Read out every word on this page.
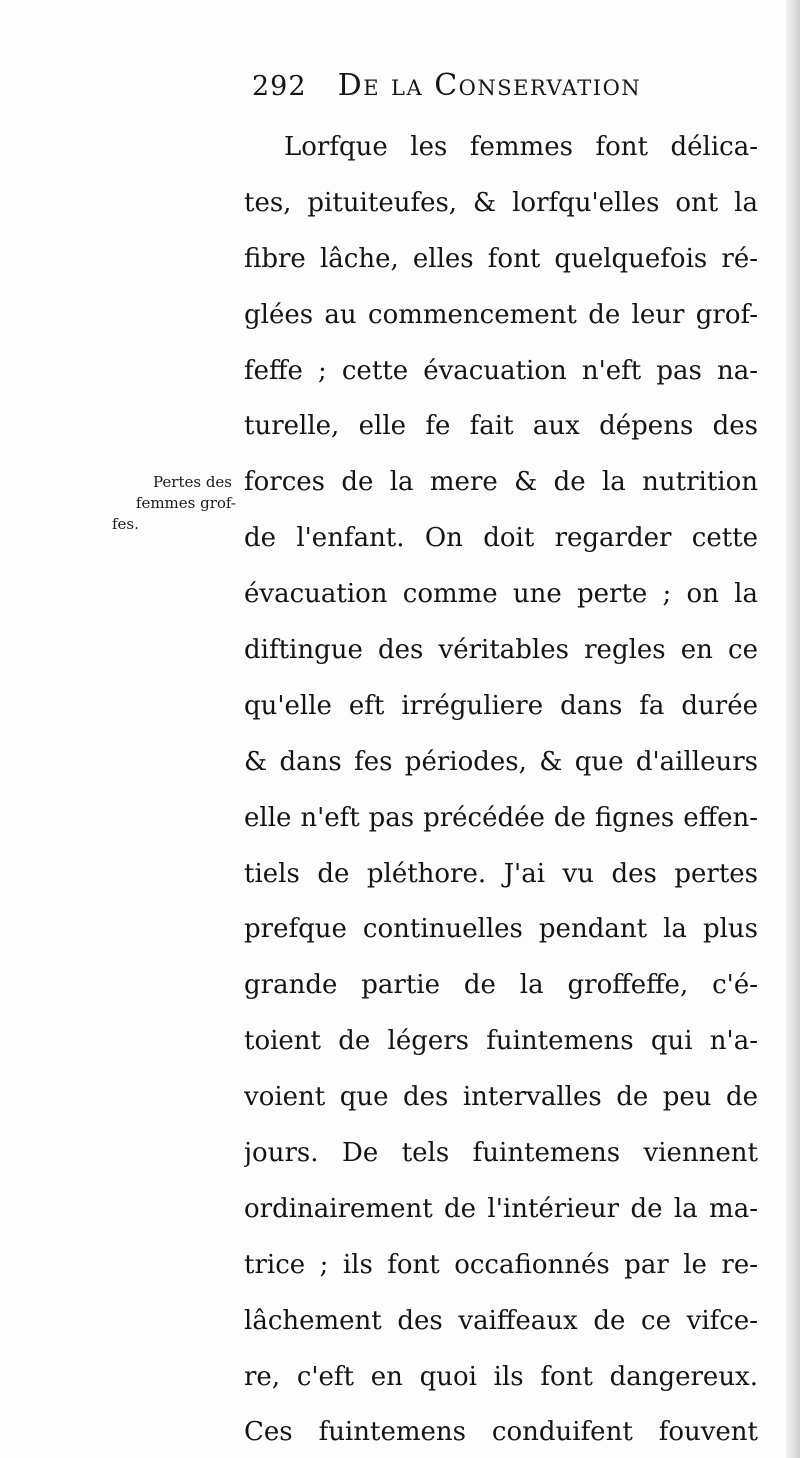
292 De la Conservation
Pertes des
femmes grof-
fes.
Lorfque les femmes font délica-
tes, pituiteufes, & lorfqu'elles ont la
fibre lâche, elles font quelquefois ré-
glées au commencement de leur grof-
feffe ; cette évacuation n'eft pas na-
turelle, elle fe fait aux dépens des
forces de la mere & de la nutrition
de l'enfant. On doit regarder cette
évacuation comme une perte ; on la
diftingue des véritables regles en ce
qu'elle eft irréguliere dans fa durée
& dans fes périodes, & que d'ailleurs
elle n'eft pas précédée de fignes effen-
tiels de pléthore. J'ai vu des pertes
prefque continuelles pendant la plus
grande partie de la groffeffe, c'é-
toient de légers fuintemens qui n'a-
voient que des intervalles de peu de
jours. De tels fuintemens viennent
ordinairement de l'intérieur de la ma-
trice ; ils font occafionnés par le re-
lâchement des vaiffeaux de ce vifce-
re, c'eft en quoi ils font dangereux.
Ces fuintemens conduifent fouvent
